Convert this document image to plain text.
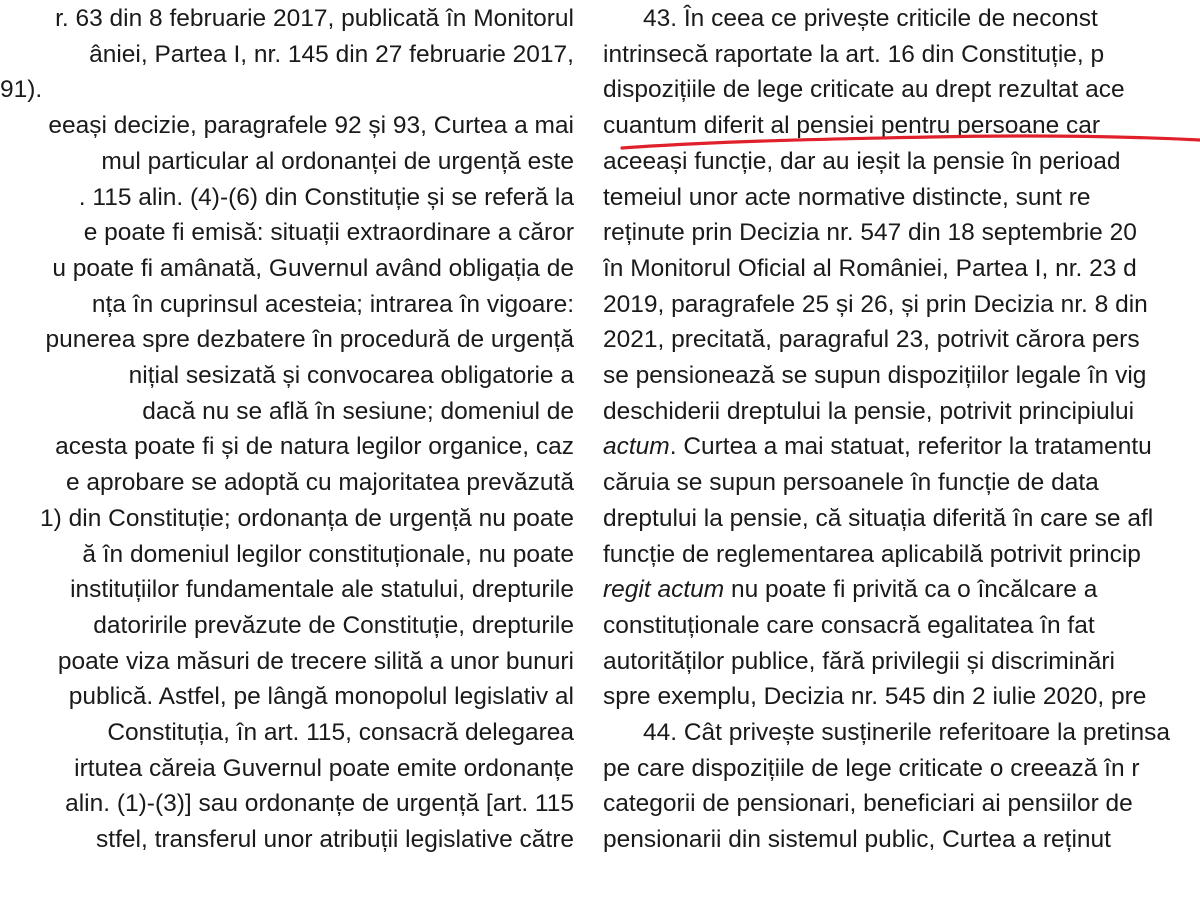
r. 63 din 8 februarie 2017, publicată în Monitorul
âniei, Partea I, nr. 145 din 27 februarie 2017,
91).
eeași decizie, paragrafele 92 și 93, Curtea a mai
mul particular al ordonanței de urgență este
. 115 alin. (4)-(6) din Constituție și se referă la
e poate fi emisă: situații extraordinare a căror
u poate fi amânată, Guvernul având obligația de
nța în cuprinsul acesteia; intrarea în vigoare:
punerea spre dezbatere în procedură de urgență
nițial sesizată și convocarea obligatorie a
dacă nu se află în sesiune; domeniul de
acesta poate fi și de natura legilor organice, caz
e aprobare se adoptă cu majoritatea prevăzută
1) din Constituție; ordonanța de urgență nu poate
ă în domeniul legilor constituționale, nu poate
instituțiilor fundamentale ale statului, drepturile
datoririle prevăzute de Constituție, drepturile
poate viza măsuri de trecere silită a unor bunuri
publică. Astfel, pe lângă monopolul legislativ al
Constituția, în art. 115, consacră delegarea
irtutea căreia Guvernul poate emite ordonanțe
alin. (1)-(3)] sau ordonanțe de urgență [art. 115
stfel, transferul unor atribuții legislative către
43. În ceea ce privește criticile de neconst
intrinsecă raportate la art. 16 din Constituție, p
dispozițiile de lege criticate au drept rezultat ace
cuantum diferit al pensiei pentru persoane car
aceeași funcție, dar au ieșit la pensie în perioad
temeiul unor acte normative distincte, sunt re
reținute prin Decizia nr. 547 din 18 septembrie 20
în Monitorul Oficial al României, Partea I, nr. 23 d
2019, paragrafele 25 și 26, și prin Decizia nr. 8 din
2021, precitată, paragraful 23, potrivit cărora pers
se pensionează se supun dispozițiilor legale în vig
deschiderii dreptului la pensie, potrivit principiului
actum. Curtea a mai statuat, referitor la tratamentu
căruia se supun persoanele în funcție de data
dreptului la pensie, că situația diferită în care se afl
funcție de reglementarea aplicabilă potrivit princip
regit actum nu poate fi privită ca o încălcare a
constituționale care consacră egalitatea în fat
autorităților publice, fără privilegii și discriminări
spre exemplu, Decizia nr. 545 din 2 iulie 2020, pre
44. Cât privește susținerile referitoare la pretinsa
pe care dispozițiile de lege criticate o creează în r
categorii de pensionari, beneficiari ai pensiilor de
pensionarii din sistemul public, Curtea a reținut
